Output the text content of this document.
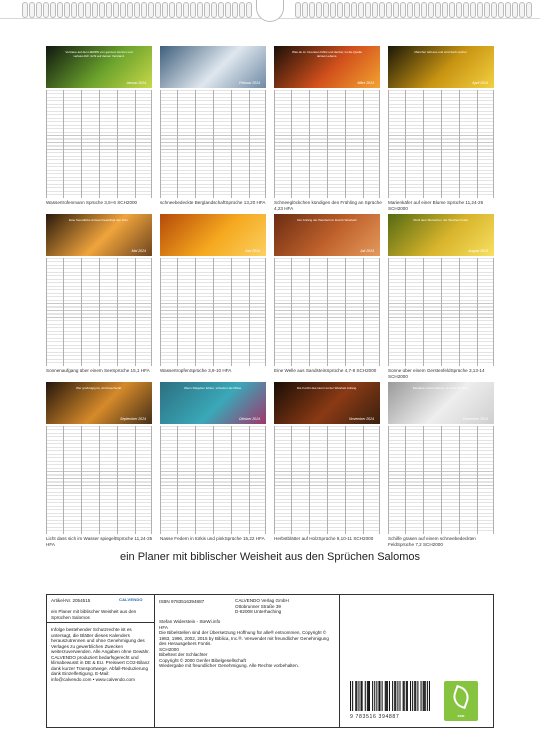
Vertraue auf den HERRN von ganzem Herzen und verlass dich nicht auf deinen Verstand.
Januar 2024
Wassertrofenmann Sprüche 3,5+6 SCH2000
Februar 2024
schneebedeckte BerglandschaftSprüche 13,20 HFA
Was du im Innersten fühlst und denkst, ist die Quelle deines Lebens.
März 2024
Schneeglöckchen kündigen den Frühling an Sprüche 4,23 HFA
Mancher teilt aus und wird doch reicher.
April 2024
Marienkäfer auf einer Blume Sprüche 11,24-25 SCH2000
Eine freundliche Antwort besänftigt den Zorn.
Mai 2024
Sonnenaufgang über einem SeeSprüche 15,1 HFA
Juni 2024
WassertropfenSprüche 3,9-10 HFA
Der Anfang der Weisheit ist: Erwirb Weisheit!
Juli 2024
Eine Welle aus SandsteinSprüche 4,7-8 SCH2000
Wohl dem Menschen, der Weisheit findet.
August 2024
Sonne über einem GerstenfeldSprüche 3,13-14 SCH2000
Wer großzügig ist, wird beschenkt.
September 2024
Licht dass sich im Wasser spiegeltSprüche 11,24-25 HFA
Wenn Ratgeber fehlen, scheitern die Pläne.
Oktober 2024
Nasse Federn in türkis und pinkSprüche 15,22 HFA
Die Furcht des Herrn ist der Weisheit Anfang.
November 2024
Herbstblätter auf HolzSprüche 9,10-11 SCH2000
Bewahre meine Gebote, so wirst du leben.
Dezember 2024
Schilfe grasen auf einem schneebedeckten FeldSprüche 7,2 SCH2000
ein Planer mit biblischer Weisheit aus den Sprüchen Salomos
Artikel-Nr. 2054515	CALVENDO
ein Planer mit biblischer Weisheit aus den Sprüchen Salomos
Infolge bestehender Schutzrechte ist es untersagt, die Blätter dieses Kalenders herauszutrennen und ohne Genehmigung des Verlages zu gewerblichen Zwecken weiterzuverwenden. Alle Angaben ohne Gewähr. CALVENDO produziert bedarfsgerecht und klimabewusst in DE & EU. Preiswert CO2-Bilanz dank kurzer Transportwege. Abfall-Reduzierung dank Einzelfertigung. E-Mail: info@calvendo.com • www.calvendo.com
ISBN 9783516394887
Stefan Widerstein - SteWi.info
HFA
Die Bibelstellen sind der Übersetzung Hoffnung für alle® entnommen, Copyright © 1983, 1996, 2002, 2015 by Biblica, Inc.®. Verwendet mit freundlicher Genehmigung des Herausgebers Fontis.
SCH2000
Bibeltext der Schlachter
Copyright © 2000 Genfer Bibelgesellschaft
Wiedergabe mit freundlicher Genehmigung. Alle Rechte vorbehalten.
CALVENDO Verlag GmbH
Ottobrunner Straße 39
D-82008 Unterhaching
9 783516 394887	eco
